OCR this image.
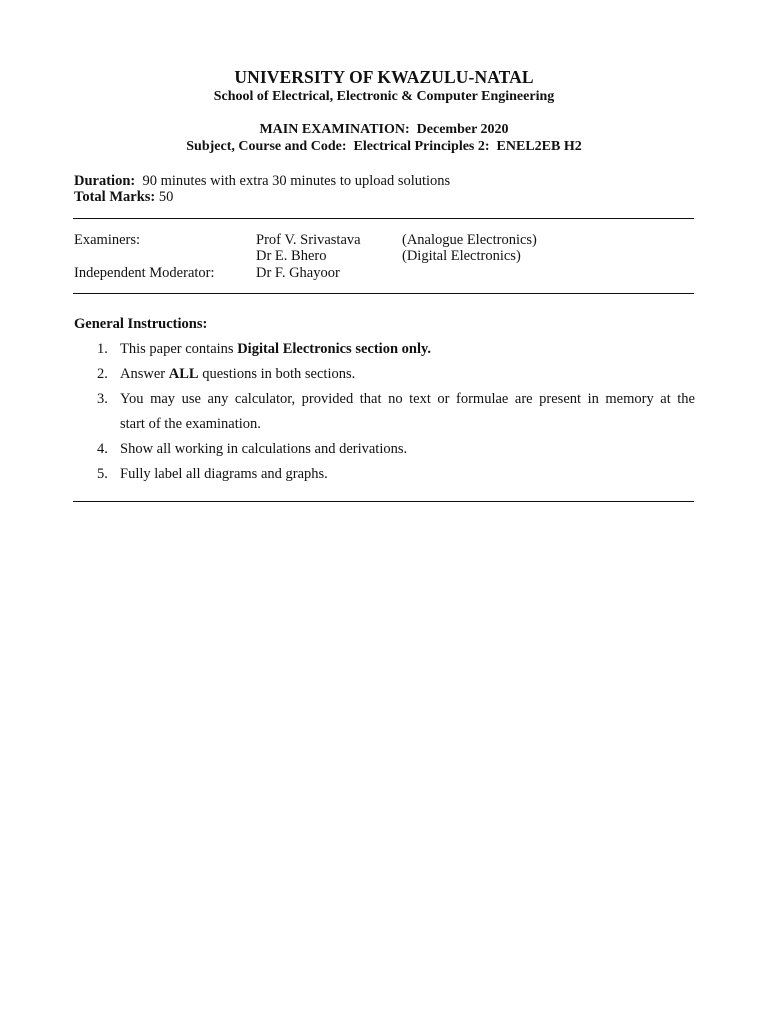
UNIVERSITY OF KWAZULU-NATAL
School of Electrical, Electronic & Computer Engineering
MAIN EXAMINATION:  December 2020
Subject, Course and Code:  Electrical Principles 2:  ENEL2EB H2
Duration:  90 minutes with extra 30 minutes to upload solutions
Total Marks: 50
Examiners:
Independent Moderator:
Prof V. Srivastava
Dr E. Bhero
Dr F. Ghayoor
(Analogue Electronics)
(Digital Electronics)
General Instructions:
1. This paper contains Digital Electronics section only.
2. Answer ALL questions in both sections.
3. You may use any calculator, provided that no text or formulae are present in memory at the
start of the examination.
4. Show all working in calculations and derivations.
5. Fully label all diagrams and graphs.
